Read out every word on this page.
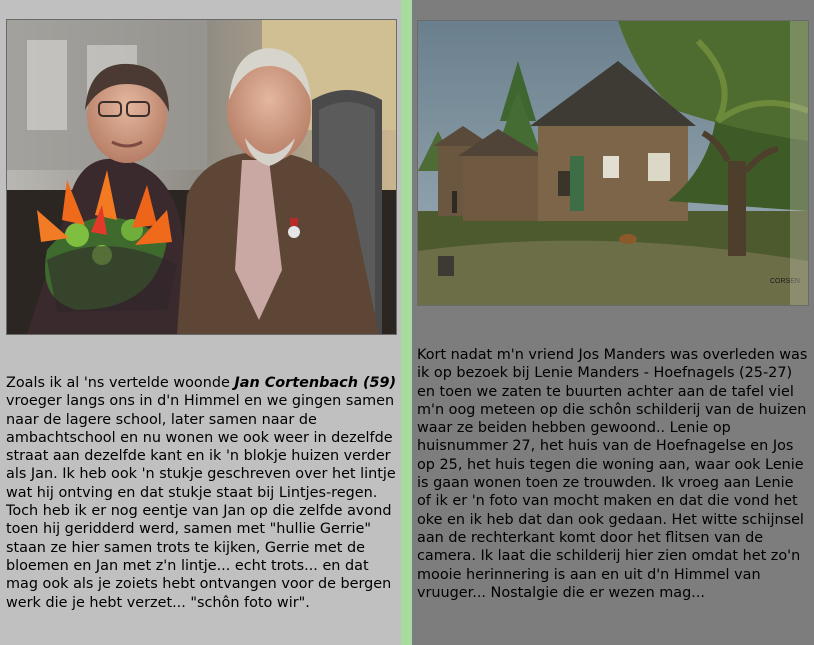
Zoals ik al 'ns vertelde woonde Jan Cortenbach (59) vroeger langs ons in d'n Himmel en we gingen samen naar de lagere school, later samen naar de ambachtschool en nu wonen we ook weer in dezelfde straat aan dezelfde kant en ik 'n blokje huizen verder als Jan. Ik heb ook 'n stukje geschreven over het lintje wat hij ontving en dat stukje staat bij Lintjes-regen. Toch heb ik er nog eentje van Jan op die zelfde avond toen hij geridderd werd, samen met "hullie Gerrie" staan ze hier samen trots te kijken, Gerrie met de bloemen en Jan met z'n lintje... echt trots... en dat mag ook als je zoiets hebt ontvangen voor de bergen werk die je hebt verzet... "schôn foto wir".

CORSEN

Kort nadat m'n vriend Jos Manders was overleden was ik op bezoek bij Lenie Manders - Hoefnagels (25-27) en toen we zaten te buurten achter aan de tafel viel m'n oog meteen op die schôn schilderij van de huizen waar ze beiden hebben gewoond.. Lenie op huisnummer 27, het huis van de Hoefnagelse en Jos op 25, het huis tegen die woning aan, waar ook Lenie is gaan wonen toen ze trouwden. Ik vroeg aan Lenie of ik er 'n foto van mocht maken en dat die vond het oke en ik heb dat dan ook gedaan. Het witte schijnsel aan de rechterkant komt door het flitsen van de camera. Ik laat die schilderij hier zien omdat het zo'n mooie herinnering is aan en uit d'n Himmel van vruuger... Nostalgie die er wezen mag...
